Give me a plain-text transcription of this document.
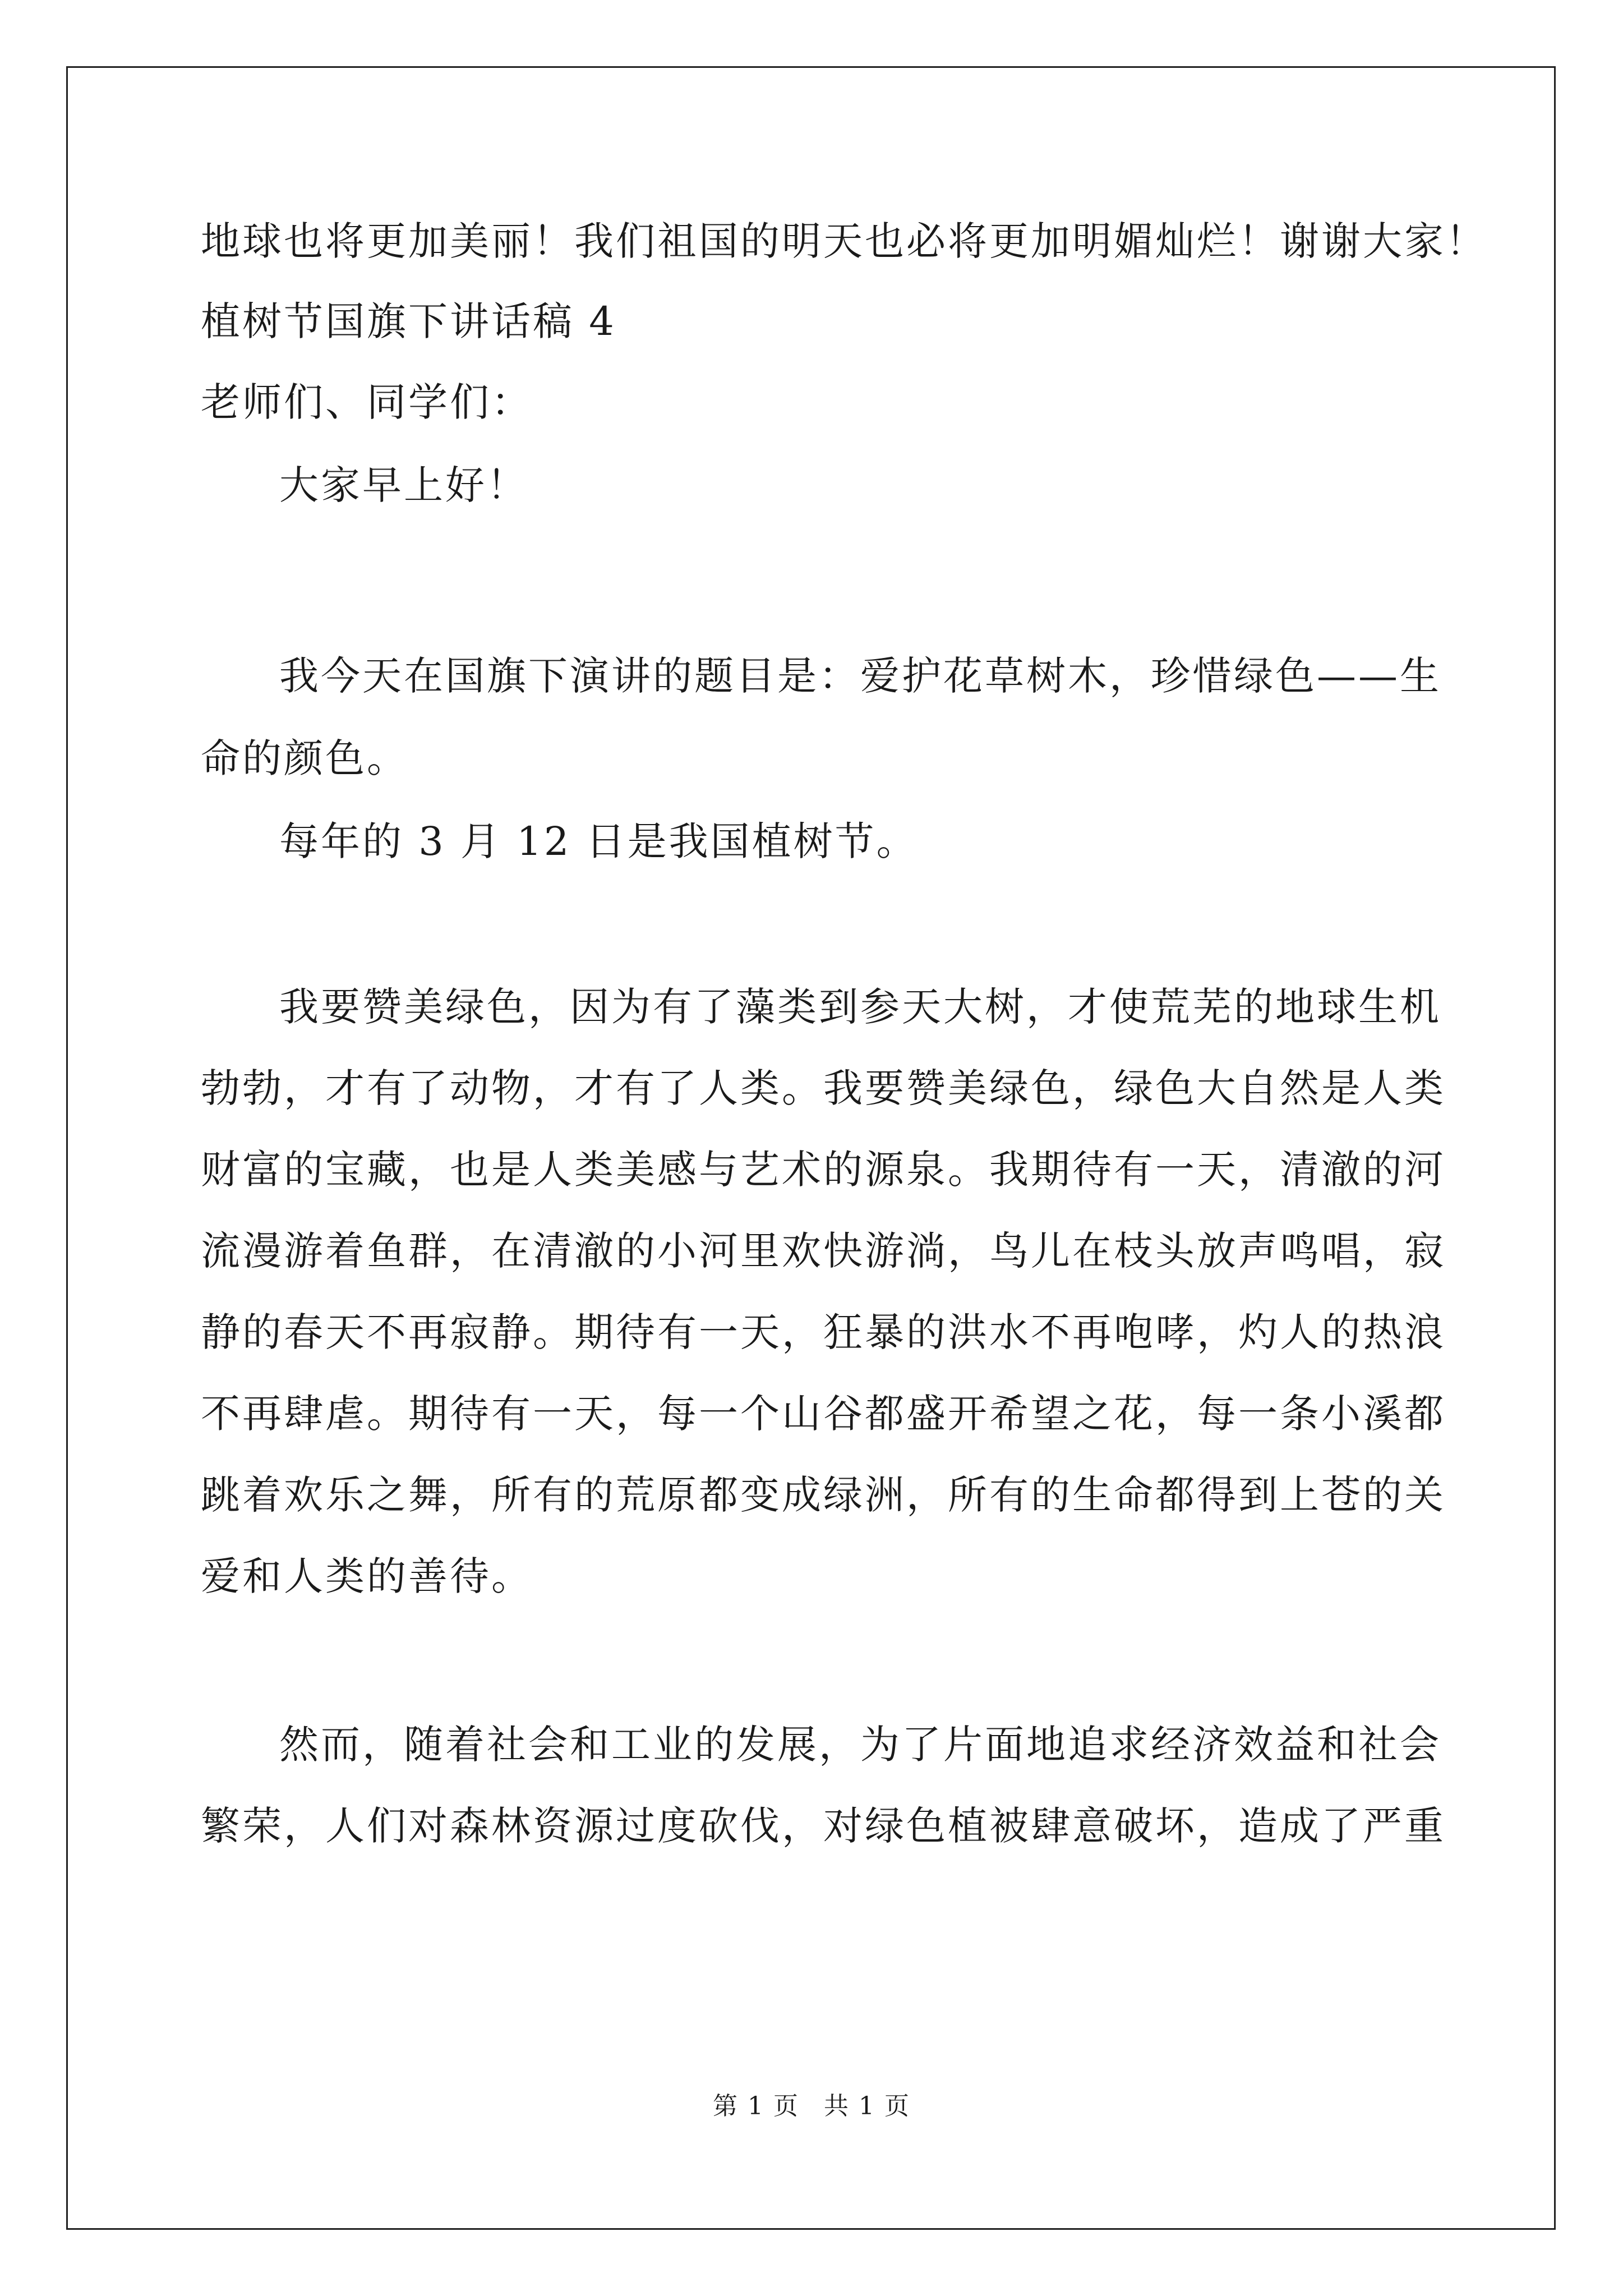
地球也将更加美丽！我们祖国的明天也必将更加明媚灿烂！谢谢大家！
植树节国旗下讲话稿 4
老师们、同学们：
大家早上好！
我今天在国旗下演讲的题目是：爱护花草树木，珍惜绿色——生
命的颜色。
每年的 3 月 12 日是我国植树节。
我要赞美绿色，因为有了藻类到参天大树，才使荒芜的地球生机
勃勃，才有了动物，才有了人类。我要赞美绿色，绿色大自然是人类
财富的宝藏，也是人类美感与艺术的源泉。我期待有一天，清澈的河
流漫游着鱼群，在清澈的小河里欢快游淌，鸟儿在枝头放声鸣唱，寂
静的春天不再寂静。期待有一天，狂暴的洪水不再咆哮，灼人的热浪
不再肆虐。期待有一天，每一个山谷都盛开希望之花，每一条小溪都
跳着欢乐之舞，所有的荒原都变成绿洲，所有的生命都得到上苍的关
爱和人类的善待。
然而，随着社会和工业的发展，为了片面地追求经济效益和社会
繁荣，人们对森林资源过度砍伐，对绿色植被肆意破坏，造成了严重
第 1 页 共 1 页
